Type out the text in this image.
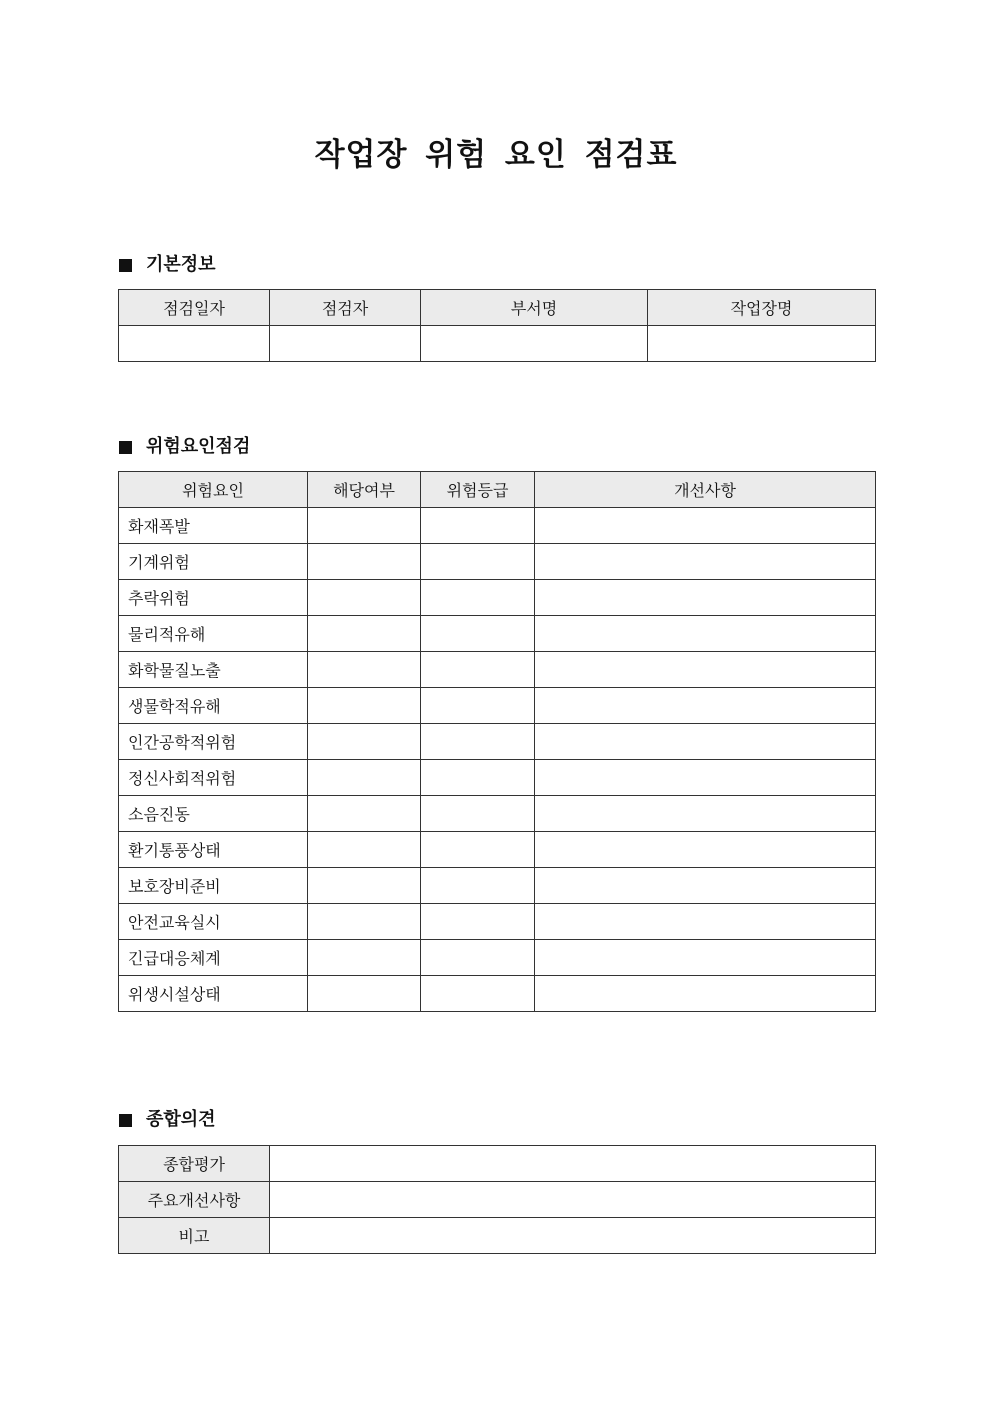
작업장 위험 요인 점검표
기본정보
점검일자	점검자	부서명	작업장명

위험요인점검
위험요인	해당여부	위험등급	개선사항
화재폭발			
기계위험			
추락위험			
물리적유해			
화학물질노출			
생물학적유해			
인간공학적위험			
정신사회적위험			
소음진동			
환기통풍상태			
보호장비준비			
안전교육실시			
긴급대응체계			
위생시설상태			
종합의견
종합평가	
주요개선사항	
비고	
